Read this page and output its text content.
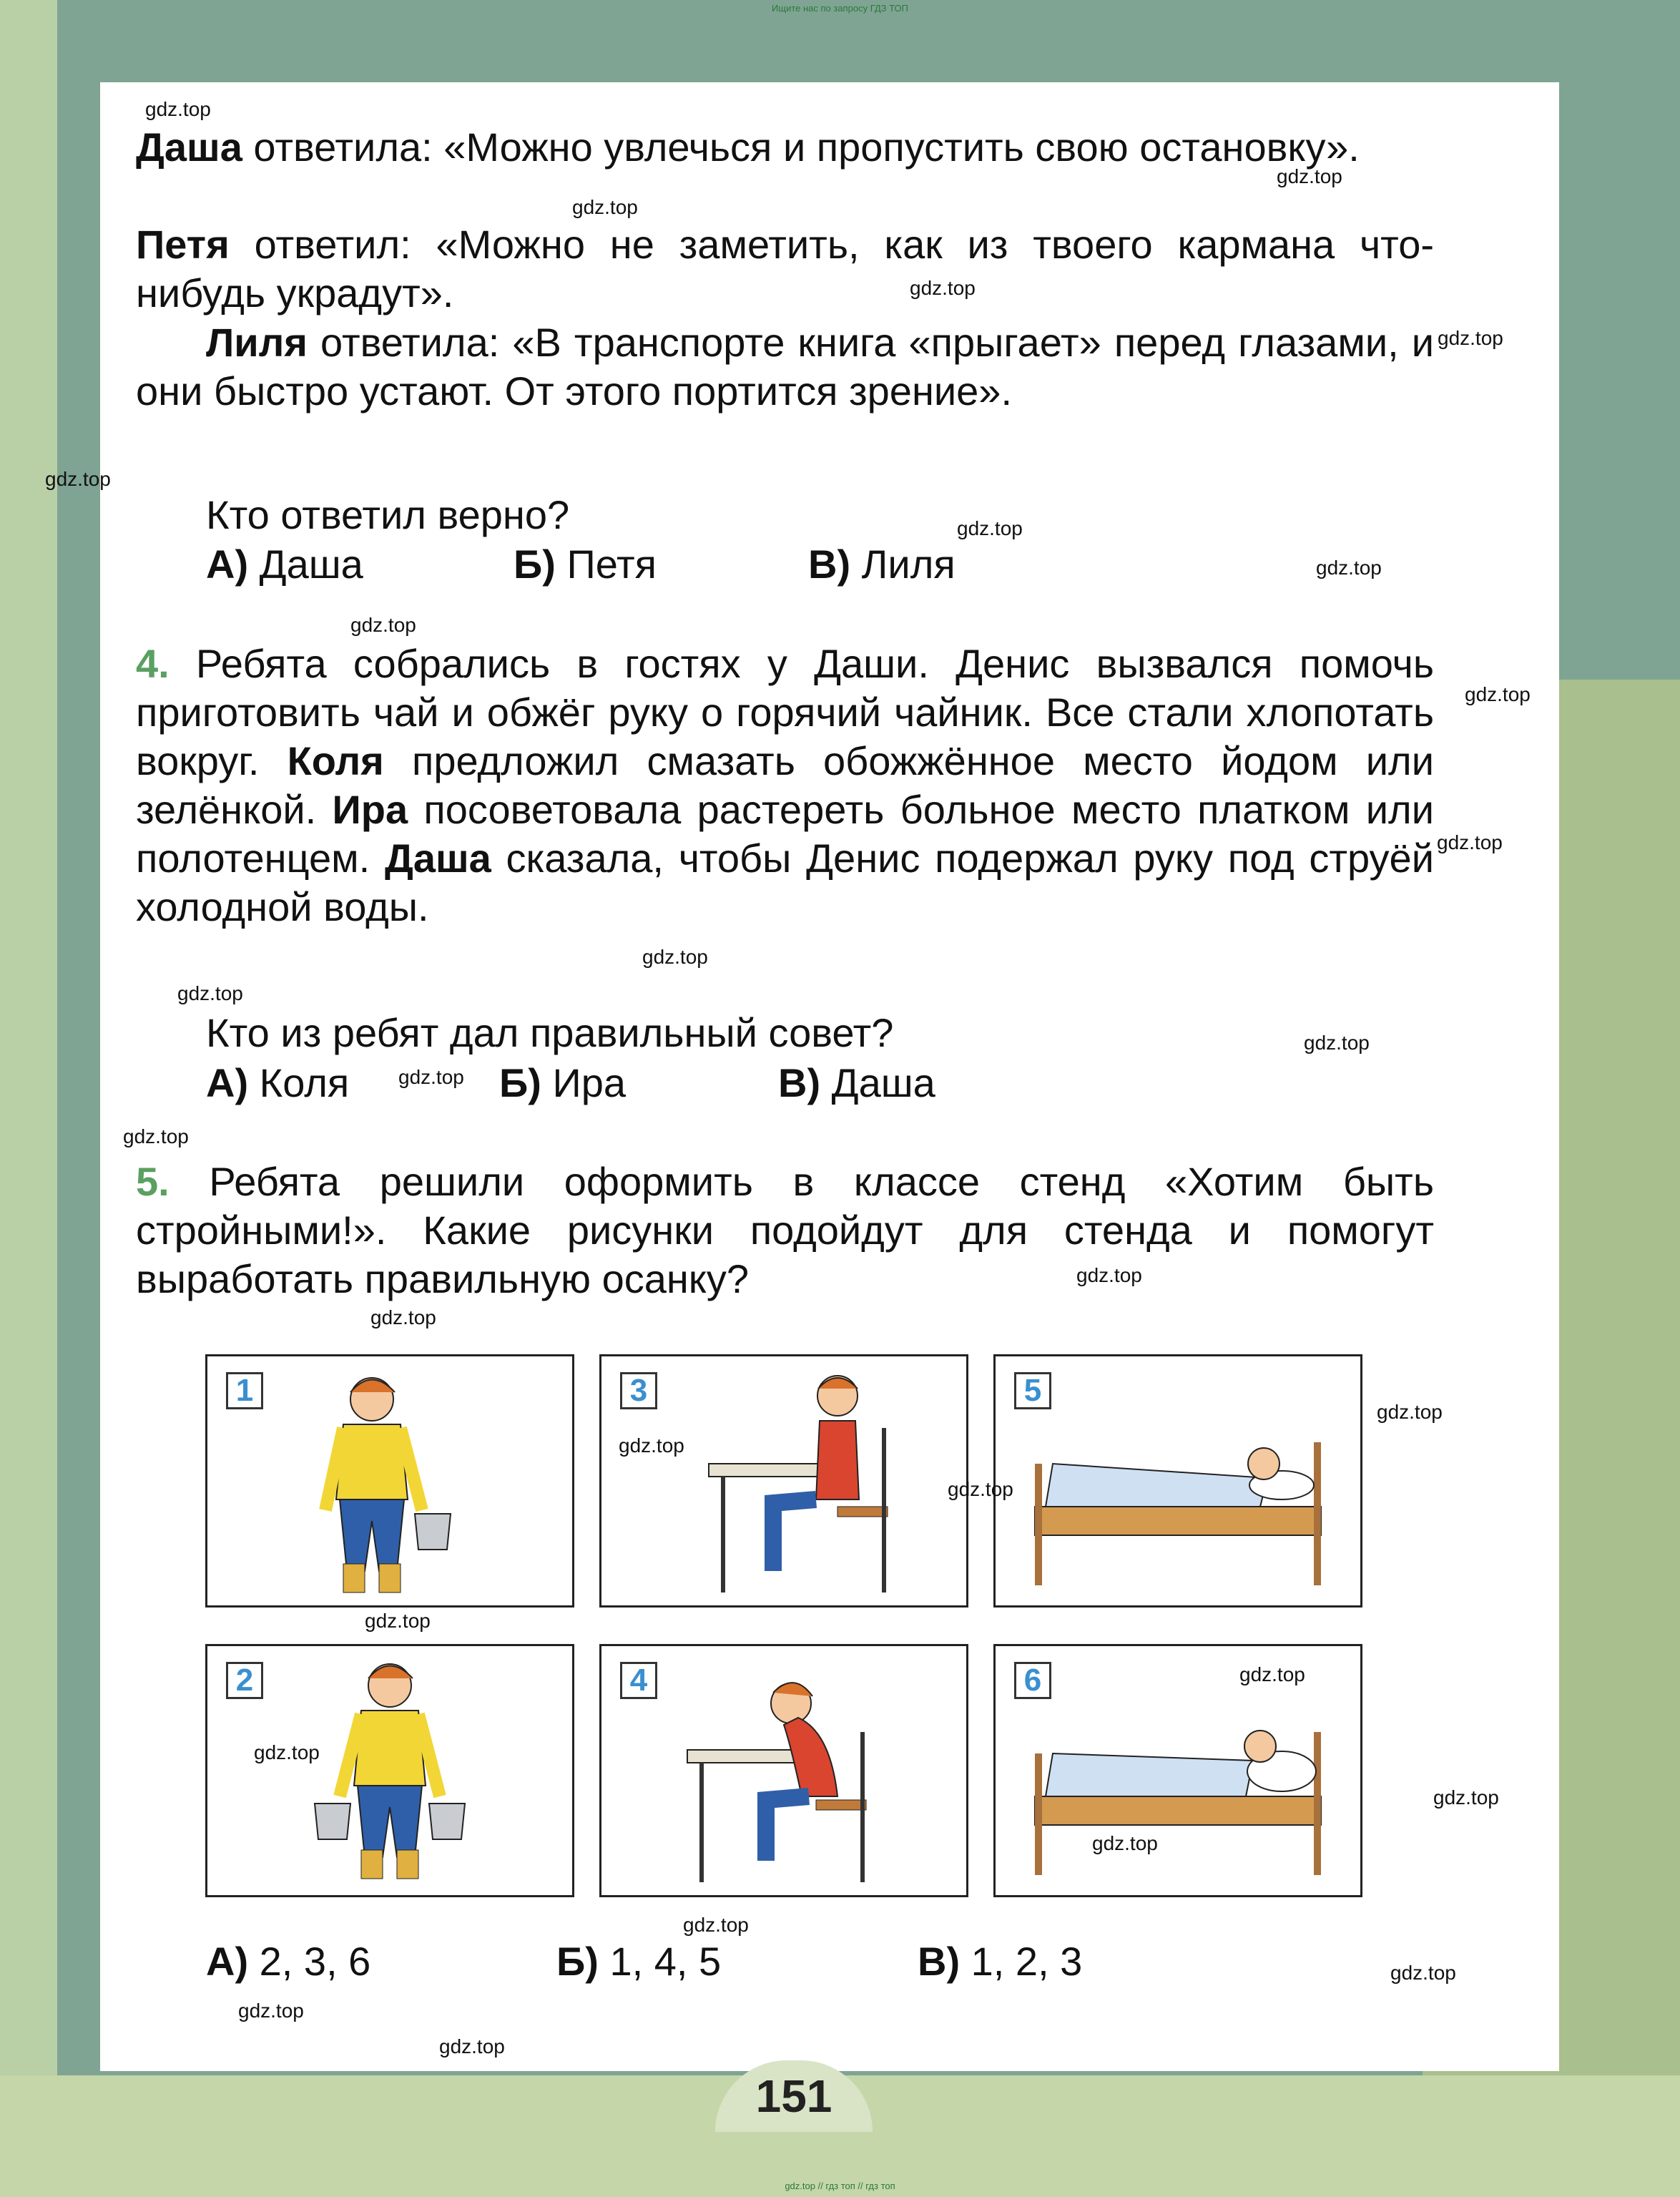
Ищите нас по запросу ГДЗ ТОП
Даша ответила: «Можно увлечься и пропустить свою остановку».
Петя ответил: «Можно не заметить, как из твоего кармана что-нибудь украдут».
Лиля ответила: «В транспорте книга «прыгает» перед глазами, и они быстро устают. От этого портится зрение».
Кто ответил верно?
А) Даша	Б) Петя	В) Лиля
4. Ребята собрались в гостях у Даши. Денис вызвался помочь приготовить чай и обжёг руку о горячий чайник. Все стали хлопотать вокруг. Коля предложил смазать обожжённое место йодом или зелёнкой. Ира посоветовала растереть больное место платком или полотенцем. Даша сказала, чтобы Денис подержал руку под струёй холодной воды.
Кто из ребят дал правильный совет?
А) Коля	Б) Ира	В) Даша
5. Ребята решили оформить в классе стенд «Хотим быть стройными!». Какие рисунки подойдут для стенда и помогут выработать правильную осанку?
1	3	5
2	4	6
А) 2, 3, 6	Б) 1, 4, 5	В) 1, 2, 3
gdz.top
gdz.top
gdz.top
gdz.top
gdz.top
gdz.top
gdz.top
gdz.top
gdz.top
gdz.top
gdz.top
gdz.top
gdz.top
gdz.top
gdz.top
gdz.top
gdz.top
gdz.top
gdz.top
gdz.top
gdz.top
gdz.top
gdz.top
gdz.top
gdz.top
gdz.top
gdz.top
gdz.top
gdz.top
gdz.top
151
gdz.top // гдз топ // гдз топ
